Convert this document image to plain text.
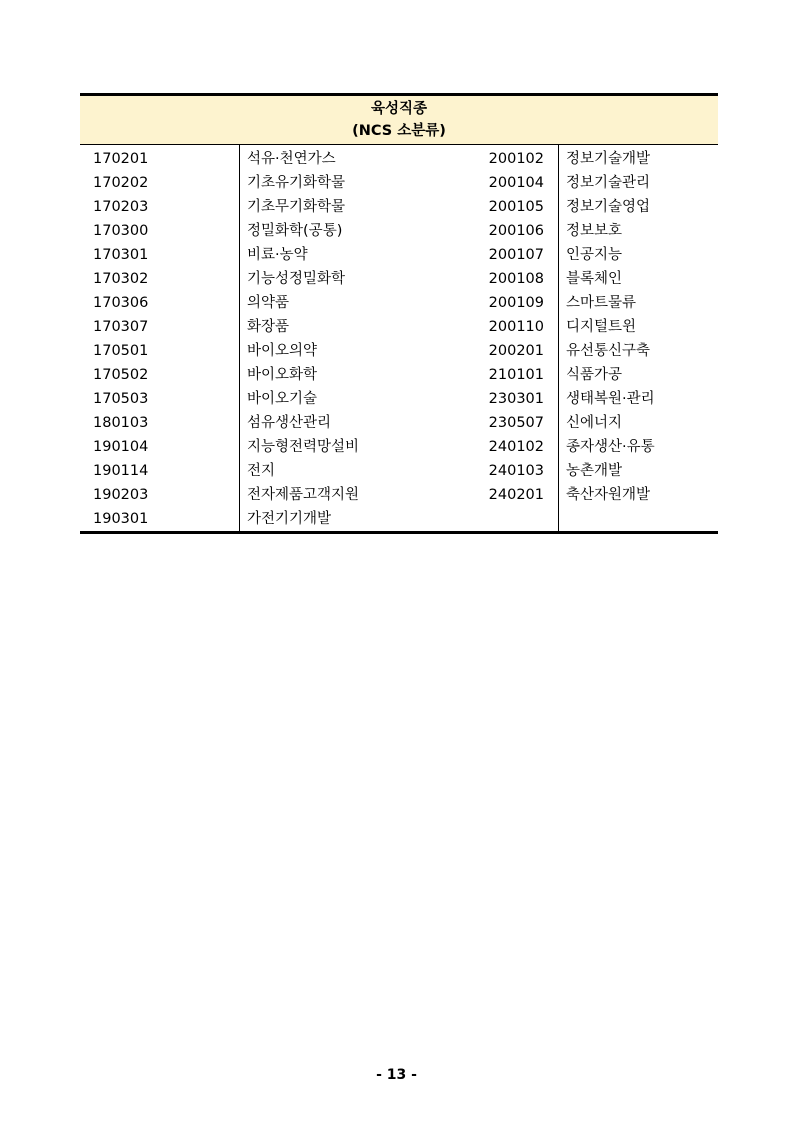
육성직종
(NCS 소분류)			

170201	석유·천연가스	200102	정보기술개발
170202	기초유기화학물	200104	정보기술관리
170203	기초무기화학물	200105	정보기술영업
170300	정밀화학(공통)	200106	정보보호
170301	비료·농약	200107	인공지능
170302	기능성정밀화학	200108	블록체인
170306	의약품	200109	스마트물류
170307	화장품	200110	디지털트윈
170501	바이오의약	200201	유선통신구축
170502	바이오화학	210101	식품가공
170503	바이오기술	230301	생태복원·관리
180103	섬유생산관리	230507	신에너지
190104	지능형전력망설비	240102	종자생산·유통
190114	전지	240103	농촌개발
190203	전자제품고객지원	240201	축산자원개발
190301	가전기기개발		
- 13 -
